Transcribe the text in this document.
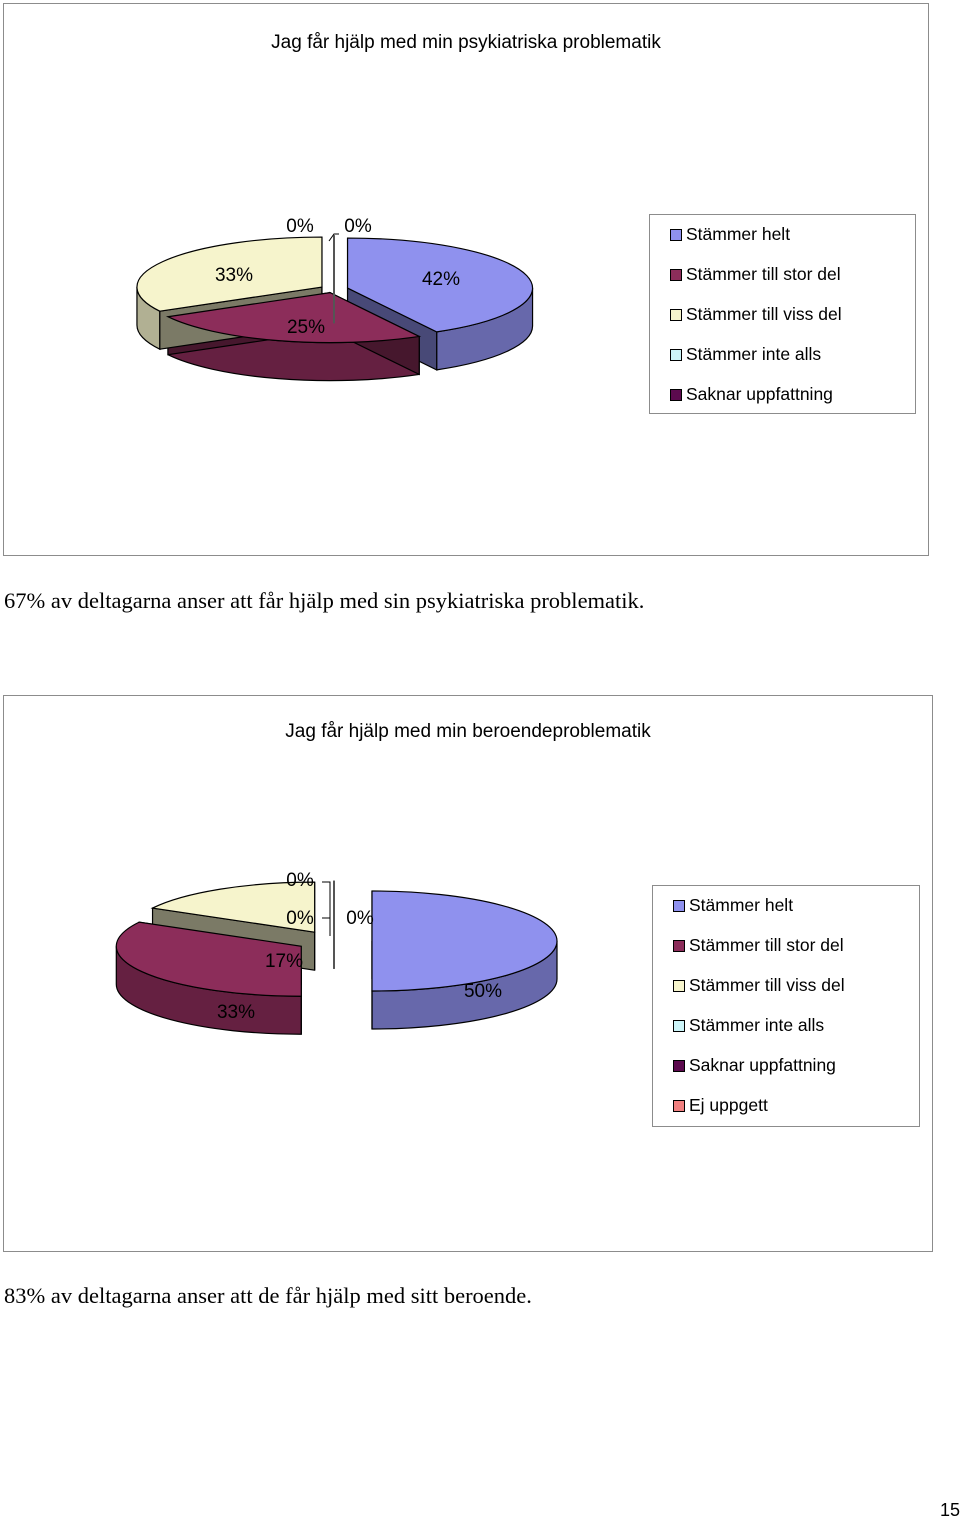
Jag får hjälp med min psykiatriska problematik
42%
25%
33%
0% 0%	Stämmer helt
Stämmer till stor del
Stämmer till viss del
Stämmer inte alls
Saknar uppfattning
67% av deltagarna anser att får hjälp med sin psykiatriska problematik.
Jag får hjälp med min beroendeproblematik
50%
33%
17%
0%
0%
0%
Stämmer helt
Stämmer till stor del
Stämmer till viss del
Stämmer inte alls
Saknar uppfattning
Ej uppgett
83% av deltagarna anser att de får hjälp med sitt beroende.
15
